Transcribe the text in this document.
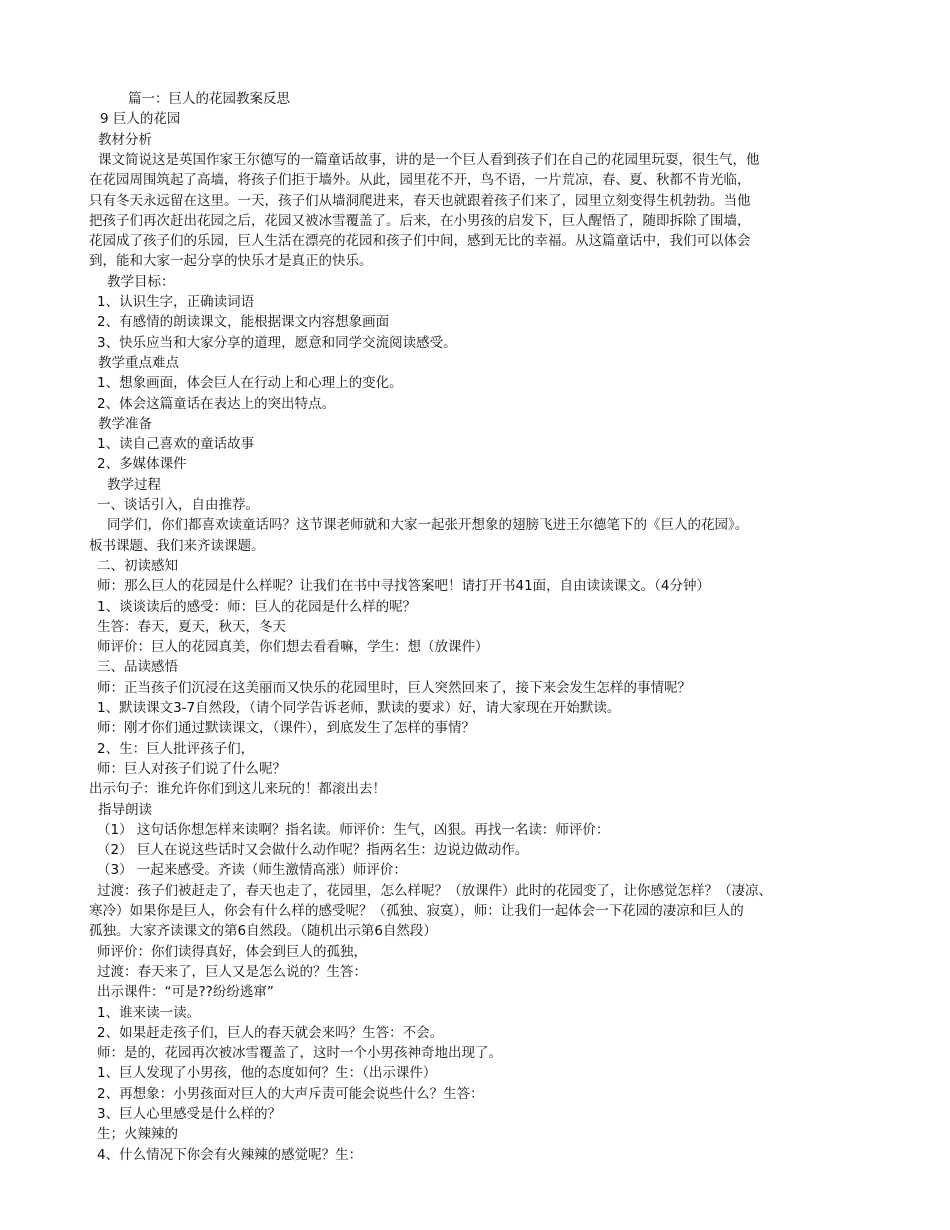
篇一：巨人的花园教案反思
9 巨人的花园
教材分析
课文简说这是英国作家王尔德写的一篇童话故事，讲的是一个巨人看到孩子们在自己的花园里玩耍，很生气，他
在花园周围筑起了高墙，将孩子们拒于墙外。从此，园里花不开，鸟不语，一片荒凉，春、夏、秋都不肯光临，
只有冬天永远留在这里。一天，孩子们从墙洞爬进来，春天也就跟着孩子们来了，园里立刻变得生机勃勃。当他
把孩子们再次赶出花园之后，花园又被冰雪覆盖了。后来，在小男孩的启发下，巨人醒悟了，随即拆除了围墙，
花园成了孩子们的乐园，巨人生活在漂亮的花园和孩子们中间，感到无比的幸福。从这篇童话中，我们可以体会
到，能和大家一起分享的快乐才是真正的快乐。
教学目标：
1、认识生字，正确读词语
2、有感情的朗读课文，能根据课文内容想象画面
3、快乐应当和大家分享的道理，愿意和同学交流阅读感受。
教学重点难点
1、想象画面，体会巨人在行动上和心理上的变化。
2、体会这篇童话在表达上的突出特点。
教学准备
1、读自己喜欢的童话故事
2、多媒体课件
教学过程
一、谈话引入，自由推荐。
同学们，你们都喜欢读童话吗？这节课老师就和大家一起张开想象的翅膀飞进王尔德笔下的《巨人的花园》。
板书课题、我们来齐读课题。
二、初读感知
师：那么巨人的花园是什么样呢？让我们在书中寻找答案吧！请打开书41面，自由读读课文。（4分钟）
1、谈谈读后的感受：师：巨人的花园是什么样的呢？
生答：春天，夏天，秋天，冬天
师评价：巨人的花园真美，你们想去看看嘛，学生：想（放课件）
三、品读感悟
师：正当孩子们沉浸在这美丽而又快乐的花园里时，巨人突然回来了，接下来会发生怎样的事情呢？
1、默读课文3-7自然段，（请个同学告诉老师，默读的要求）好，请大家现在开始默读。
师：刚才你们通过默读课文，（课件），到底发生了怎样的事情？
2、生：巨人批评孩子们，
师：巨人对孩子们说了什么呢？
出示句子：谁允许你们到这儿来玩的！都滚出去！
指导朗读
（1） 这句话你想怎样来读啊？指名读。师评价：生气，凶狠。再找一名读：师评价：
（2） 巨人在说这些话时又会做什么动作呢？指两名生：边说边做动作。
（3） 一起来感受。齐读（师生激情高涨）师评价：
过渡：孩子们被赶走了，春天也走了，花园里，怎么样呢？（放课件）此时的花园变了，让你感觉怎样？（凄凉、
寒冷）如果你是巨人，你会有什么样的感受呢？（孤独、寂寞），师：让我们一起体会一下花园的凄凉和巨人的
孤独。大家齐读课文的第6自然段。（随机出示第6自然段）
师评价：你们读得真好，体会到巨人的孤独，
过渡：春天来了，巨人又是怎么说的？生答：
出示课件：“可是??纷纷逃窜”
1、谁来读一读。
2、如果赶走孩子们，巨人的春天就会来吗？生答：不会。
师：是的，花园再次被冰雪覆盖了，这时一个小男孩神奇地出现了。
1、巨人发现了小男孩，他的态度如何？生：（出示课件）
2、再想象：小男孩面对巨人的大声斥责可能会说些什么？生答：
3、巨人心里感受是什么样的？
生；火辣辣的
4、什么情况下你会有火辣辣的感觉呢？生：
